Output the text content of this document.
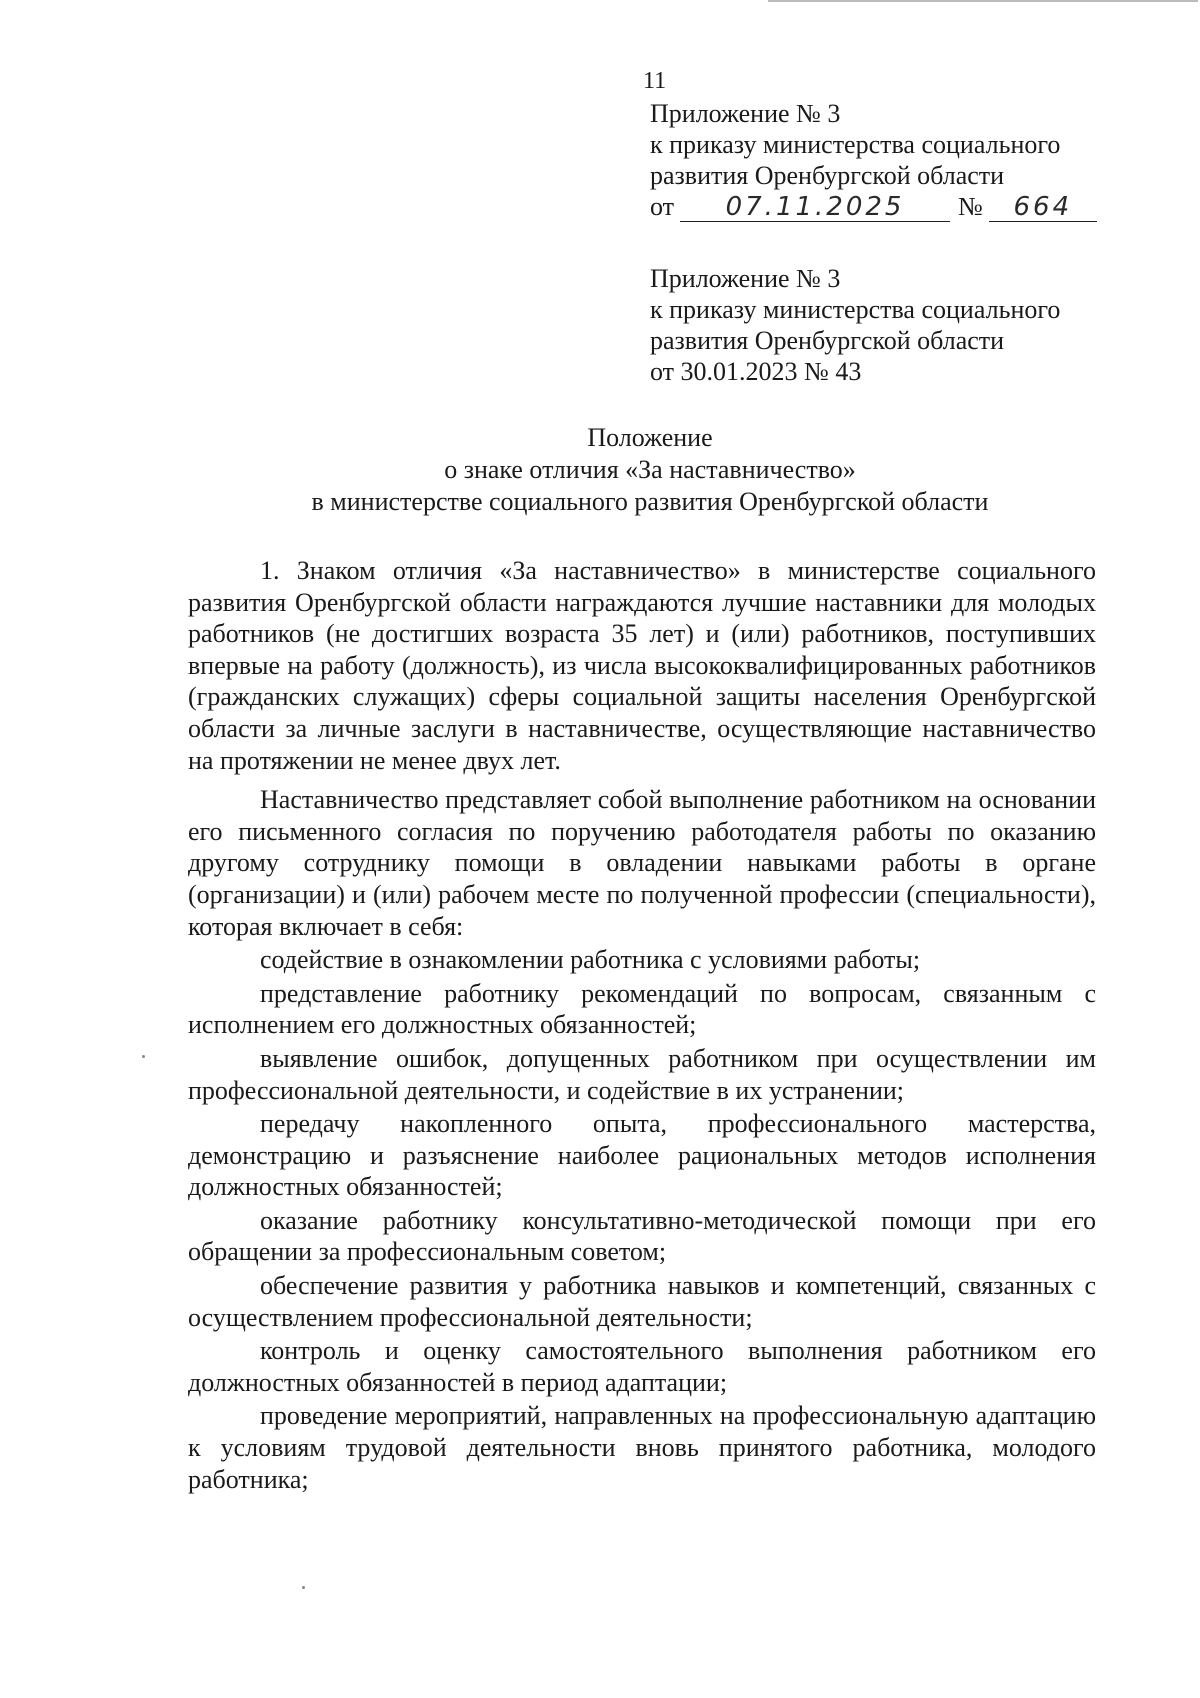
11
Приложение № 3
к приказу министерства социального
развития Оренбургской области
от	07.11.2025	№	664
Приложение № 3
к приказу министерства социального
развития Оренбургской области
от 30.01.2023 № 43
Положение
о знаке отличия «За наставничество»
в министерстве социального развития Оренбургской области

1. Знаком отличия «За наставничество» в министерстве социального развития Оренбургской области награждаются лучшие наставники для молодых работников (не достигших возраста 35 лет) и (или) работников, поступивших впервые на работу (должность), из числа высококвалифицированных работников (гражданских служащих) сферы социальной защиты населения Оренбургской области за личные заслуги в наставничестве, осуществляющие наставничество на протяжении не менее двух лет.

Наставничество представляет собой выполнение работником на основании его письменного согласия по поручению работодателя работы по оказанию другому сотруднику помощи в овладении навыками работы в органе (организации) и (или) рабочем месте по полученной профессии (специальности), которая включает в себя:

содействие в ознакомлении работника с условиями работы;

представление работнику рекомендаций по вопросам, связанным с исполнением его должностных обязанностей;

выявление ошибок, допущенных работником при осуществлении им профессиональной деятельности, и содействие в их устранении;

передачу накопленного опыта, профессионального мастерства, демонстрацию и разъяснение наиболее рациональных методов исполнения должностных обязанностей;

оказание работнику консультативно-методической помощи при его обращении за профессиональным советом;

обеспечение развития у работника навыков и компетенций, связанных с осуществлением профессиональной деятельности;

контроль и оценку самостоятельного выполнения работником его должностных обязанностей в период адаптации;

проведение мероприятий, направленных на профессиональную адаптацию к условиям трудовой деятельности вновь принятого работника, молодого работника;
